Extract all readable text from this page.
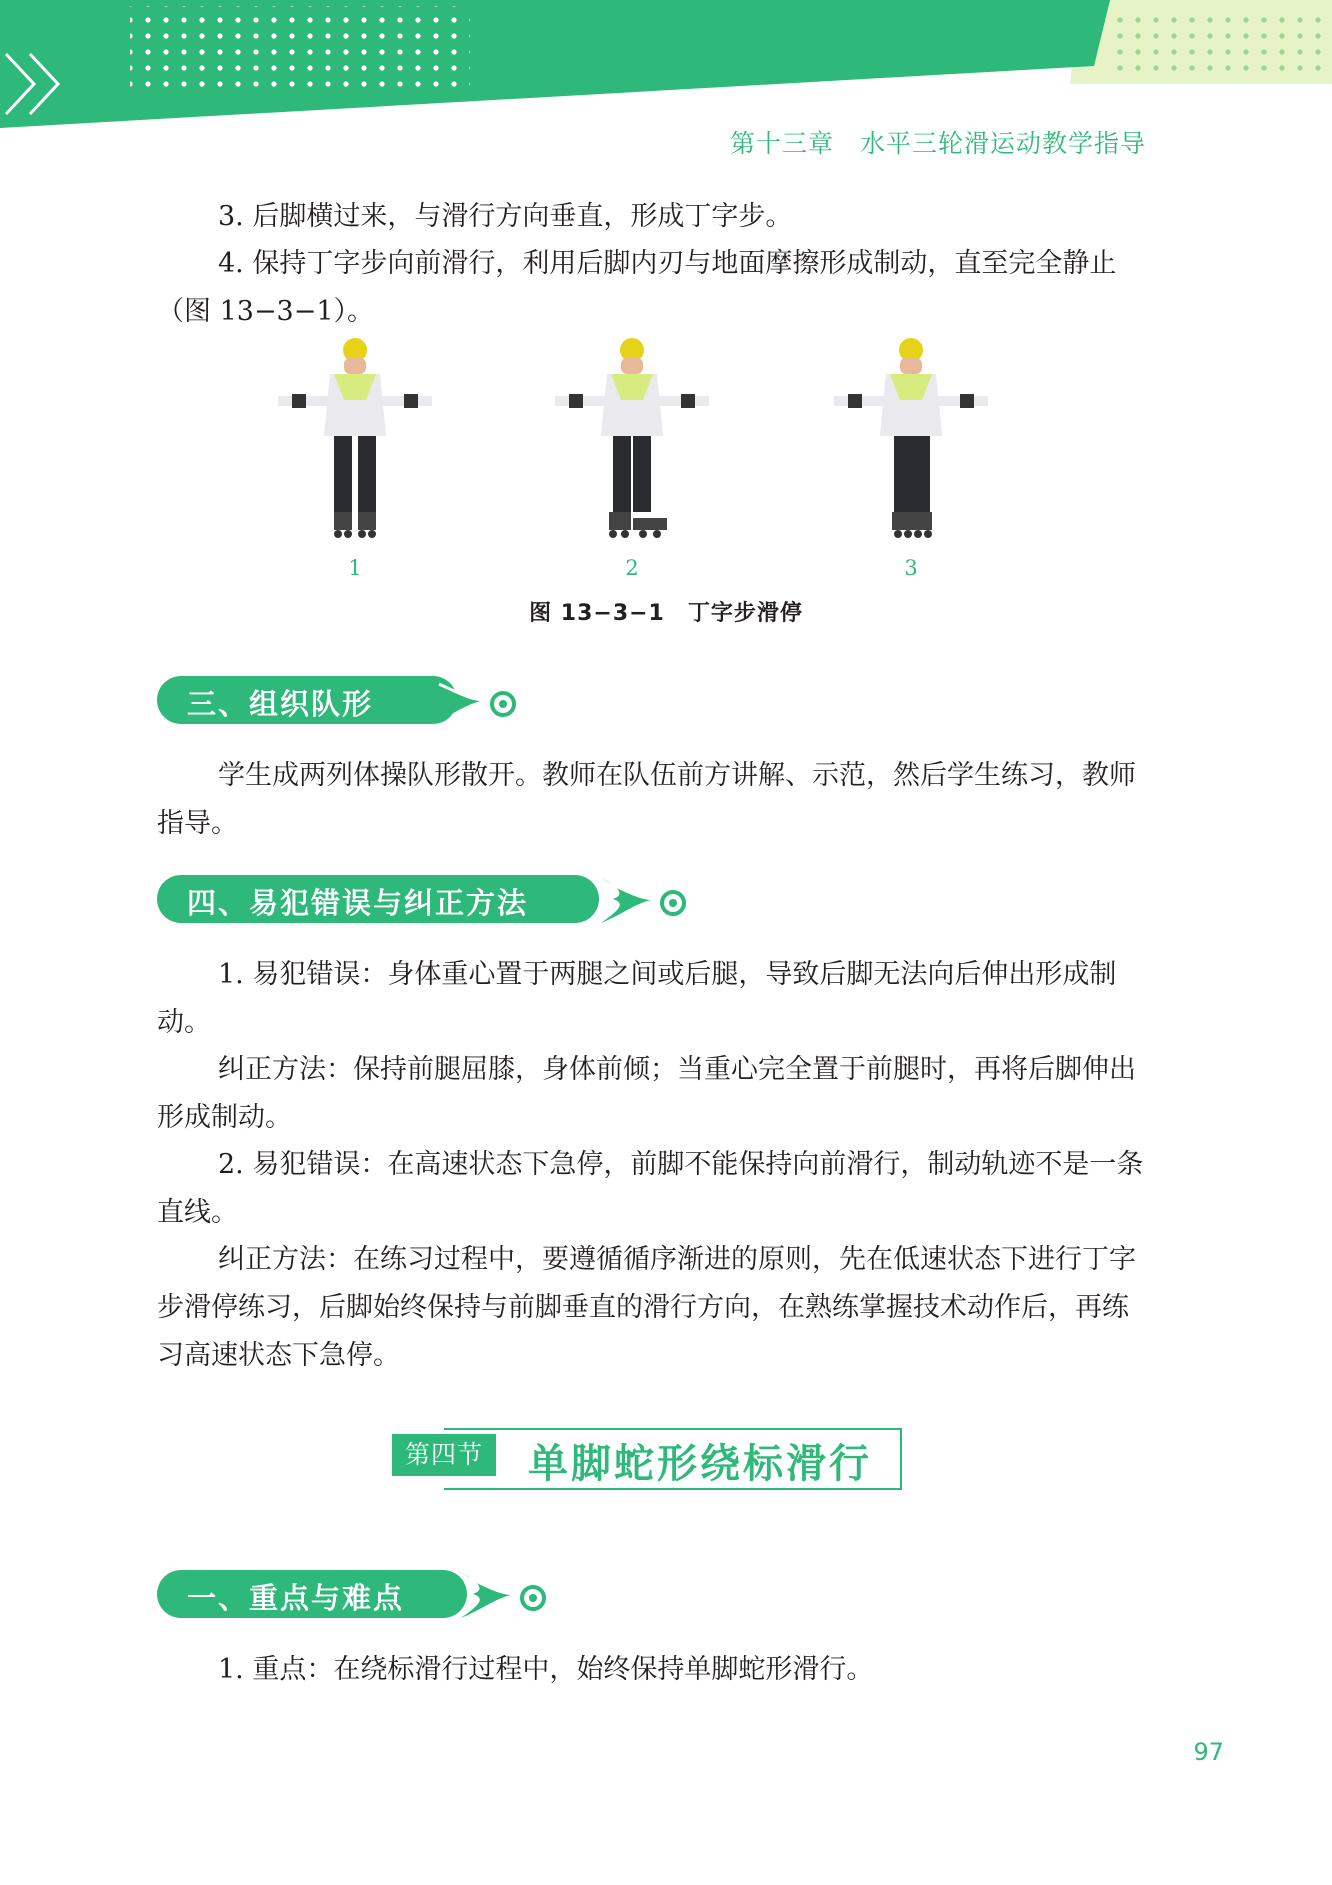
第十三章 水平三轮滑运动教学指导

3. 后脚横过来，与滑行方向垂直，形成丁字步。

4. 保持丁字步向前滑行，利用后脚内刃与地面摩擦形成制动，直至完全静止（图 13−3−1）。

1	2	3
图 13−3−1　丁字步滑停
三、组织队形

学生成两列体操队形散开。教师在队伍前方讲解、示范，然后学生练习，教师指导。

四、易犯错误与纠正方法

1. 易犯错误：身体重心置于两腿之间或后腿，导致后脚无法向后伸出形成制动。

纠正方法：保持前腿屈膝，身体前倾；当重心完全置于前腿时，再将后脚伸出形成制动。

2. 易犯错误：在高速状态下急停，前脚不能保持向前滑行，制动轨迹不是一条直线。

纠正方法：在练习过程中，要遵循循序渐进的原则，先在低速状态下进行丁字步滑停练习，后脚始终保持与前脚垂直的滑行方向，在熟练掌握技术动作后，再练习高速状态下急停。

第四节	单脚蛇形绕标滑行
一、重点与难点

1. 重点：在绕标滑行过程中，始终保持单脚蛇形滑行。

97
